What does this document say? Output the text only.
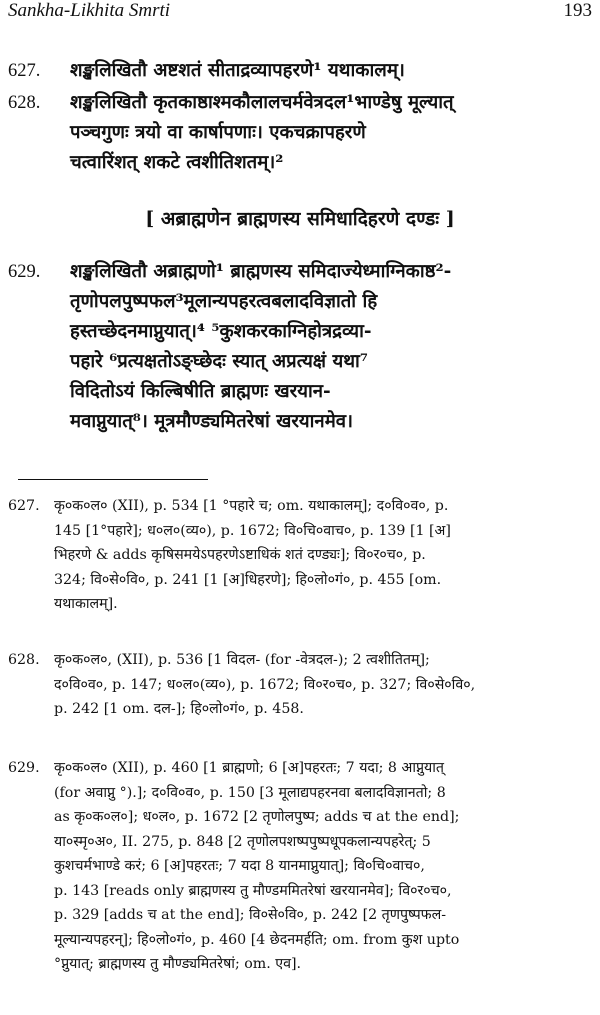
Sankha-Likhita Smrti	193
627. शङ्खलिखितौ अष्टशतं सीताद्रव्यापहरणे¹ यथाकालम्।
628. शङ्खलिखितौ कृतकाष्ठाश्मकौलालचर्मवेत्रदल¹भाण्डेषु मूल्यात्
पञ्चगुणः त्रयो वा कार्षापणाः। एकचक्रापहरणे
चत्वारिंशत् शकटे त्वशीतिशतम्।²
[ अब्राह्मणेन ब्राह्मणस्य समिधादिहरणे दण्डः ]
629. शङ्खलिखितौ अब्राह्मणो¹ ब्राह्मणस्य समिदाज्येध्माग्निकाष्ठ²-
तृणोपलपुष्पफल³मूलान्यपहरत्वबलादविज्ञातो हि
हस्तच्छेदनमाप्नुयात्।⁴ ⁵कुशकरकाग्निहोत्रद्रव्या-
पहारे ⁶प्रत्यक्षतोऽङ्घ्छेदः स्यात् अप्रत्यक्षं यथा⁷
विदितोऽयं किल्बिषीति ब्राह्मणः खरयान-
मवाप्नुयात्⁸। मूत्रमौण्ड्यमितरेषां खरयानमेव।
627. कृ०क०ल० (XII), p. 534 [1 °पहारे च; om. यथाकालम्]; द०वि०व०, p.
145 [1°पहारे]; ध०ल०(व्य०), p. 1672; वि०चि०वाच०, p. 139 [1 [अ]
भिहरणे & adds कृषिसमयेऽपहरणेऽष्टाधिकं शतं दण्ड्यः]; वि०र०च०, p.
324; वि०से०वि०, p. 241 [1 [अ]धिहरणे]; हि०लो०गं०, p. 455 [om.
यथाकालम्].
628. कृ०क०ल०, (XII), p. 536 [1 विदल- (for -वेत्रदल-); 2 त्वशीतितम्];
द०वि०व०, p. 147; ध०ल०(व्य०), p. 1672; वि०र०च०, p. 327; वि०से०वि०,
p. 242 [1 om. दल-]; हि०लो०गं०, p. 458.
629. कृ०क०ल० (XII), p. 460 [1 ब्राह्मणो; 6 [अ]पहरतः; 7 यदा; 8 आप्नुयात्
(for अवाप्नु °).]; द०वि०व०, p. 150 [3 मूलाद्यपहरनवा बलादविज्ञानतो; 8
as कृ०क०ल०]; ध०ल०, p. 1672 [2 तृणोलपुष्प; adds च at the end];
या०स्मृ०अ०, II. 275, p. 848 [2 तृणोलपशष्पपुष्पधूपकलान्यपहरेत्; 5
कुशचर्मभाण्डे करं; 6 [अ]पहरतः; 7 यदा 8 यानमाप्नुयात्]; वि०चि०वाच०,
p. 143 [reads only ब्राह्मणस्य तु मौण्डममितरेषां खरयानमेव]; वि०र०च०,
p. 329 [adds च at the end]; वि०से०वि०, p. 242 [2 तृणपुष्पफल-
मूल्यान्यपहरन्]; हि०लो०गं०, p. 460 [4 छेदनमर्हति; om. from कुश upto
°प्नुयात्; ब्राह्मणस्य तु मौण्ड्यमितरेषां; om. एव].
